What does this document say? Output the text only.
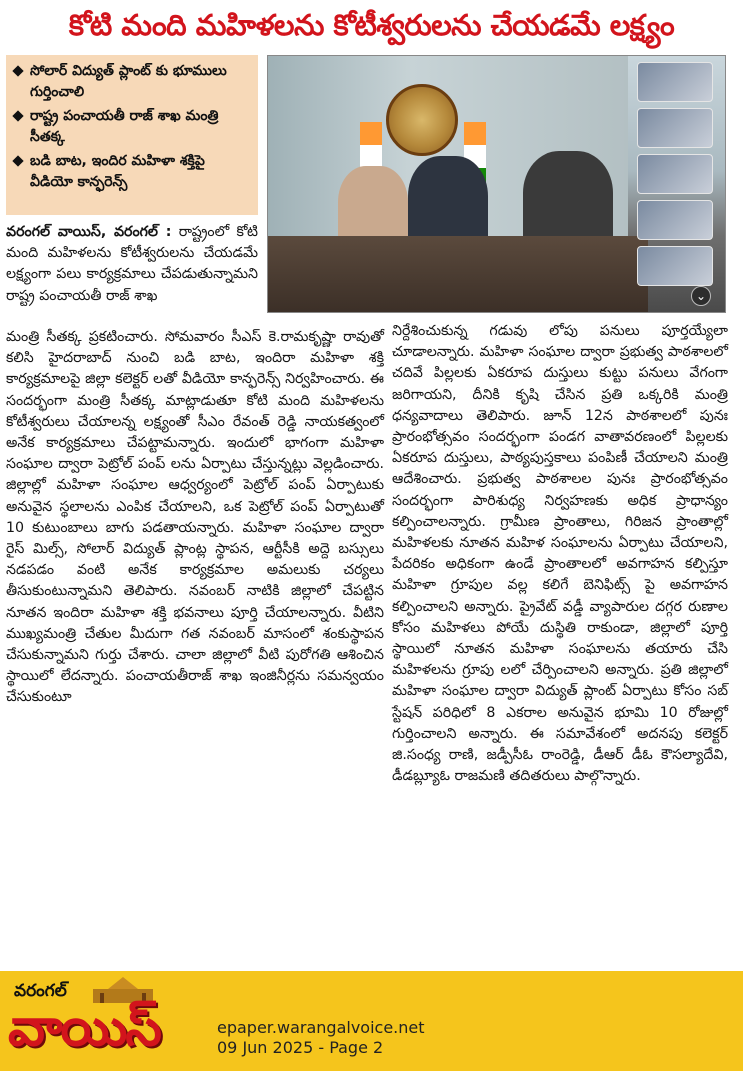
కోటి మంది మహిళలను కోటీశ్వరులను చేయడమే లక్ష్యం
సోలార్ విద్యుత్ ప్లాంట్ కు భూములు గుర్తించాలి
రాష్ట్ర పంచాయతీ రాజ్ శాఖ మంత్రి సీతక్క
బడి బాట, ఇందిర మహిళా శక్తిపై వీడియో కాన్ఫరెన్స్
⌄
వరంగల్ వాయిస్, వరంగల్ : రాష్ట్రంలో కోటి మంది మహిళలను కోటీశ్వరులను చేయడమే లక్ష్యంగా పలు కార్యక్రమాలు చేపడుతున్నామని రాష్ట్ర పంచాయతీ రాజ్ శాఖ
మంత్రి సీతక్క ప్రకటించారు. సోమవారం సీఎస్ కె.రామకృష్ణా రావుతో కలిసి హైదరాబాద్ నుంచి బడి బాట, ఇందిరా మహిళా శక్తి కార్యక్రమాలపై జిల్లా కలెక్టర్ లతో వీడియో కాన్ఫరెన్స్ నిర్వహించారు. ఈ సందర్భంగా మంత్రి సీతక్క మాట్లాడుతూ కోటి మంది మహిళలను కోటీశ్వరులు చేయాలన్న లక్ష్యంతో సీఎం రేవంత్ రెడ్డి నాయకత్వంలో అనేక కార్యక్రమాలు చేపట్టామన్నారు. ఇందులో భాగంగా మహిళా సంఘాల ద్వారా పెట్రోల్ పంప్ లను ఏర్పాటు చేస్తున్నట్లు వెల్లడించారు. జిల్లాల్లో మహిళా సంఘాల ఆధ్వర్యంలో పెట్రోల్ పంప్ ఏర్పాటుకు అనువైన స్థలాలను ఎంపిక చేయాలని, ఒక పెట్రోల్ పంప్ ఏర్పాటుతో 10 కుటుంబాలు బాగు పడతాయన్నారు. మహిళా సంఘాల ద్వారా రైస్ మిల్స్, సోలార్ విద్యుత్ ప్లాంట్ల స్థాపన, ఆర్టీసీకి అద్దె బస్సులు నడపడం వంటి అనేక కార్యక్రమాల అమలుకు చర్యలు తీసుకుంటున్నామని తెలిపారు. నవంబర్ నాటికి జిల్లాలో చేపట్టిన నూతన ఇందిరా మహిళా శక్తి భవనాలు పూర్తి చేయాలన్నారు. వీటిని ముఖ్యమంత్రి చేతుల మీదుగా గత నవంబర్ మాసంలో శంకుస్థాపన చేసుకున్నామని గుర్తు చేశారు. చాలా జిల్లాలో వీటి పురోగతి ఆశించిన స్థాయిలో లేదన్నారు. పంచాయతీరాజ్ శాఖ ఇంజినీర్లను సమన్వయం చేసుకుంటూ
నిర్దేశించుకున్న గడువు లోపు పనులు పూర్తయ్యేలా చూడాలన్నారు. మహిళా సంఘాల ద్వారా ప్రభుత్వ పాఠశాలలో చదివే పిల్లలకు ఏకరూప దుస్తులు కుట్టు పనులు వేగంగా జరిగాయని, దీనికి కృషి చేసిన ప్రతి ఒక్కరికి మంత్రి ధన్యవాదాలు తెలిపారు. జూన్ 12న పాఠశాలలో పునః ప్రారంభోత్సవం సందర్భంగా పండగ వాతావరణంలో పిల్లలకు ఏకరూప దుస్తులు, పాఠ్యపుస్తకాలు పంపిణీ చేయాలని మంత్రి ఆదేశించారు. ప్రభుత్వ పాఠశాలల పునః ప్రారంభోత్సవం సందర్భంగా పారిశుధ్య నిర్వహణకు అధిక ప్రాధాన్యం కల్పించాలన్నారు. గ్రామీణ ప్రాంతాలు, గిరిజన ప్రాంతాల్లో మహిళలకు నూతన మహిళ సంఘాలను ఏర్పాటు చేయాలని, పేదరికం అధికంగా ఉండే ప్రాంతాలలో అవగాహన కల్పిస్తూ మహిళా గ్రూపుల వల్ల కలిగే బెనిఫిట్స్ పై అవగాహన కల్పించాలని అన్నారు. ప్రైవేట్ వడ్డీ వ్యాపారుల దగ్గర రుణాల కోసం మహిళలు పోయే దుస్థితి రాకుండా, జిల్లాలో పూర్తి స్థాయిలో నూతన మహిళా సంఘాలను తయారు చేసి మహిళలను గ్రూపు లలో చేర్పించాలని అన్నారు. ప్రతి జిల్లాలో మహిళా సంఘాల ద్వారా విద్యుత్ ప్లాంట్ ఏర్పాటు కోసం సబ్ స్టేషన్ పరిధిలో 8 ఎకరాల అనువైన భూమి 10 రోజుల్లో గుర్తించాలని అన్నారు. ఈ సమావేశంలో అదనపు కలెక్టర్ జి.సంధ్య రాణి, జడ్పీసీఓ రాంరెడ్డి, డీఆర్ డీఓ కౌసల్యాదేవి, డీడబ్ల్యూఓ రాజమణి తదితరులు పాల్గొన్నారు.
వరంగల్
వాయిస్	epaper.warangalvoice.net
09 Jun 2025 - Page 2
